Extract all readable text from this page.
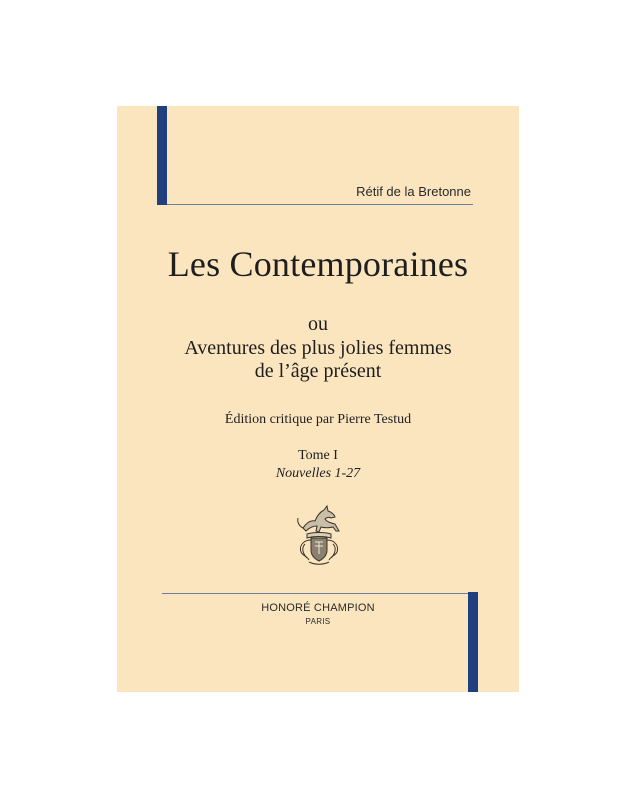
Rétif de la Bretonne
Les Contemporaines
ou
Aventures des plus jolies femmes
de l’âge présent
Édition critique par Pierre Testud
Tome I
Nouvelles 1-27
HONORÉ CHAMPION
PARIS
